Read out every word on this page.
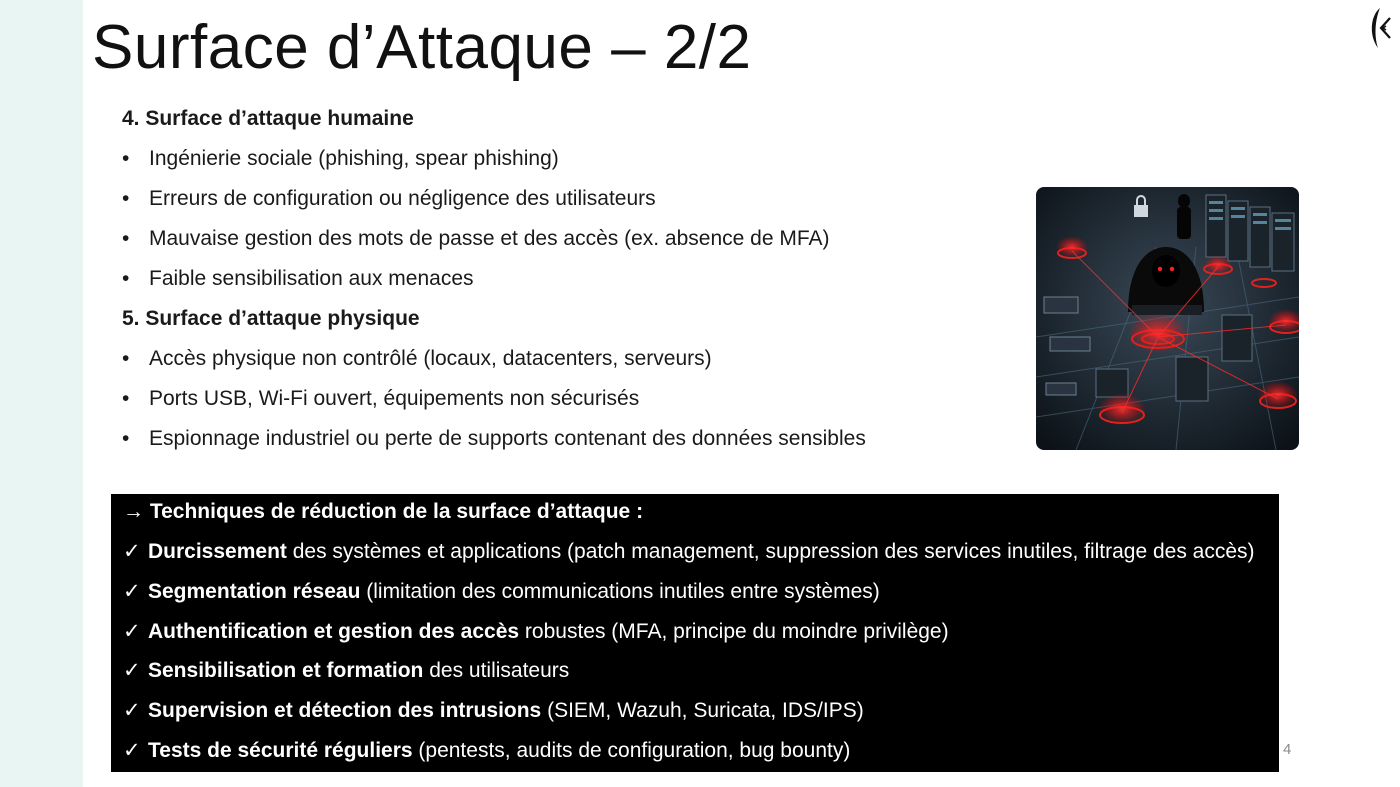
Surface d’Attaque – 2/2
4. Surface d’attaque humaine
• Ingénierie sociale (phishing, spear phishing)
• Erreurs de configuration ou négligence des utilisateurs
• Mauvaise gestion des mots de passe et des accès (ex. absence de MFA)
• Faible sensibilisation aux menaces
5. Surface d’attaque physique
• Accès physique non contrôlé (locaux, datacenters, serveurs)
• Ports USB, Wi-Fi ouvert, équipements non sécurisés
• Espionnage industriel ou perte de supports contenant des données sensibles
→ Techniques de réduction de la surface d’attaque :
✓ Durcissement des systèmes et applications (patch management, suppression des services inutiles, filtrage des accès)
✓ Segmentation réseau (limitation des communications inutiles entre systèmes)
✓ Authentification et gestion des accès robustes (MFA, principe du moindre privilège)
✓ Sensibilisation et formation des utilisateurs
✓ Supervision et détection des intrusions (SIEM, Wazuh, Suricata, IDS/IPS)
✓ Tests de sécurité réguliers (pentests, audits de configuration, bug bounty)	4
